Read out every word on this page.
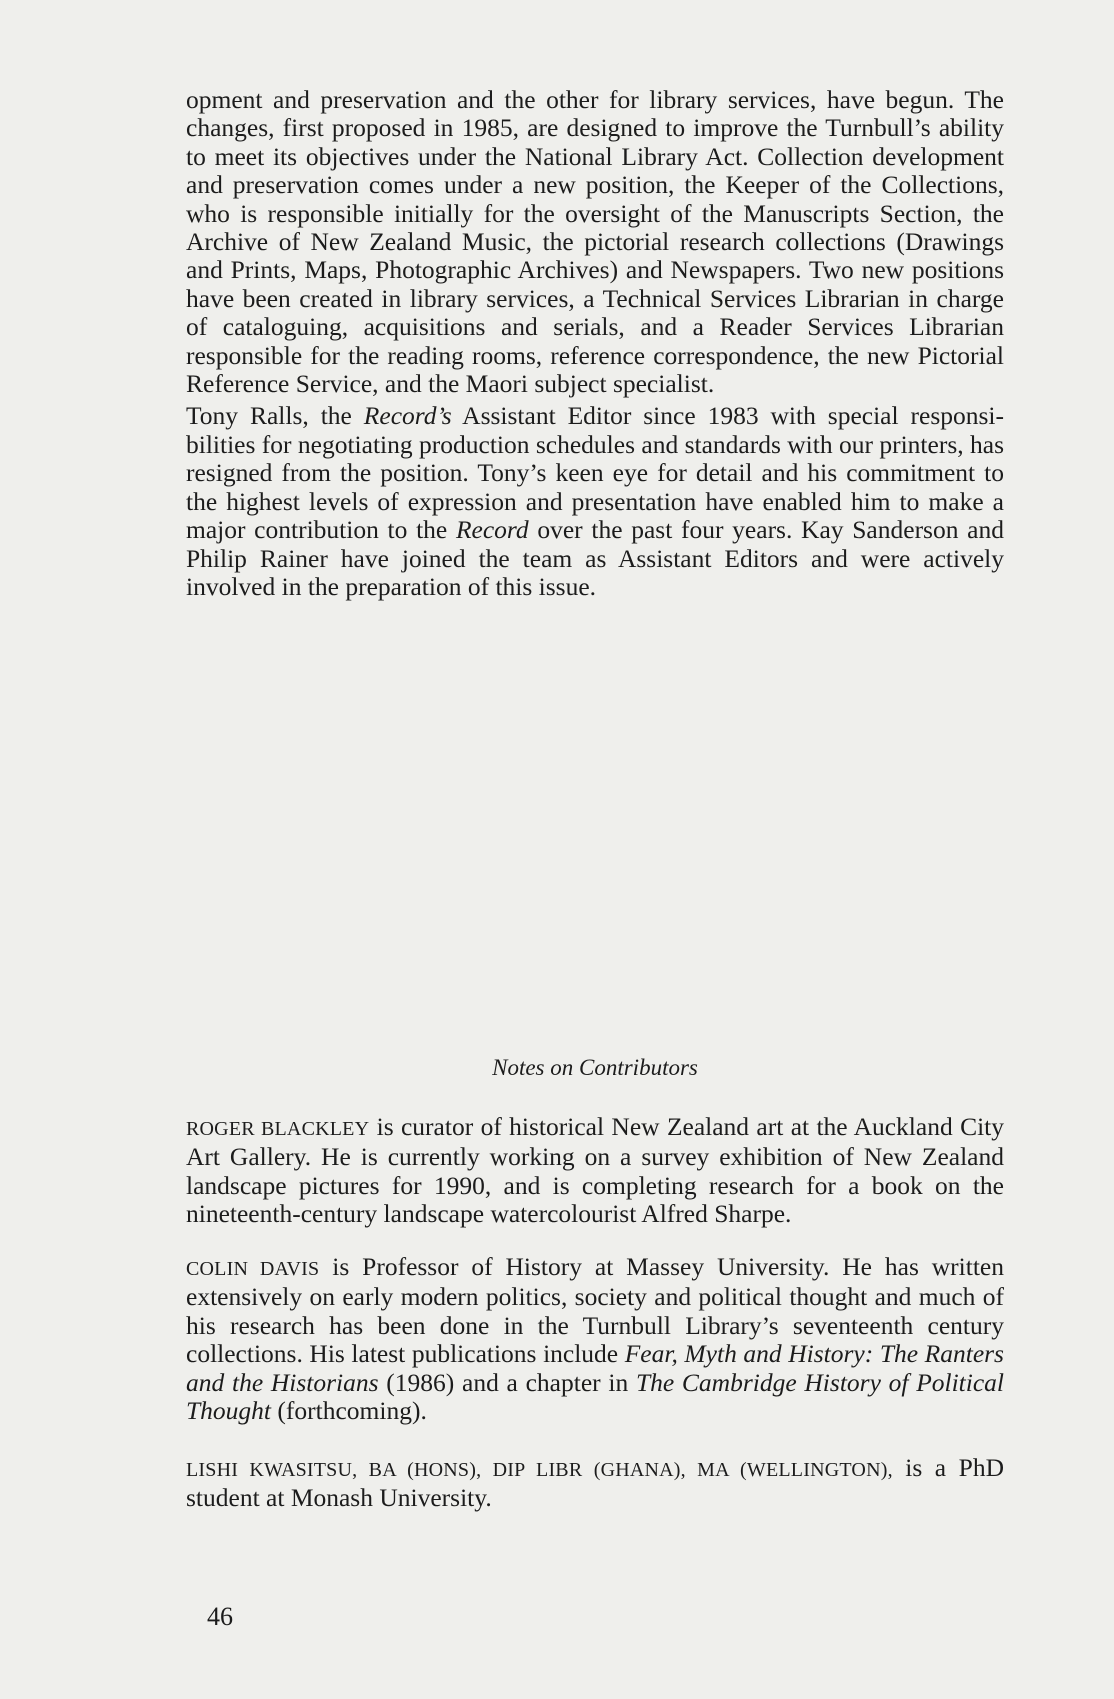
opment and preservation and the other for library services, have begun. The changes, first proposed in 1985, are designed to improve the Turnbull’s ability to meet its objectives under the National Library Act. Collection development and preservation comes under a new position, the Keeper of the Collections, who is responsible initially for the oversight of the Manuscripts Section, the Archive of New Zealand Music, the pictorial research collections (Drawings and Prints, Maps, Photographic Archives) and Newspapers. Two new positions have been created in library services, a Technical Services Librarian in charge of cataloguing, acquisitions and serials, and a Reader Services Librarian responsible for the reading rooms, reference correspondence, the new Pictorial Reference Service, and the Maori subject specialist.

Tony Ralls, the Record’s Assistant Editor since 1983 with special responsibilities for negotiating production schedules and standards with our printers, has resigned from the position. Tony’s keen eye for detail and his commitment to the highest levels of expression and presentation have enabled him to make a major contribution to the Record over the past four years. Kay Sanderson and Philip Rainer have joined the team as Assistant Editors and were actively involved in the preparation of this issue.

Notes on Contributors

ROGER BLACKLEY is curator of historical New Zealand art at the Auckland City Art Gallery. He is currently working on a survey exhibition of New Zealand landscape pictures for 1990, and is completing research for a book on the nineteenth-century landscape watercolourist Alfred Sharpe.

COLIN DAVIS is Professor of History at Massey University. He has written extensively on early modern politics, society and political thought and much of his research has been done in the Turnbull Library’s seventeenth century collections. His latest publications include Fear, Myth and History: The Ranters and the Historians (1986) and a chapter in The Cambridge History of Political Thought (forthcoming).

LISHI KWASITSU, BA (HONS), DIP LIBR (GHANA), MA (WELLINGTON), is a PhD student at Monash University.

46
